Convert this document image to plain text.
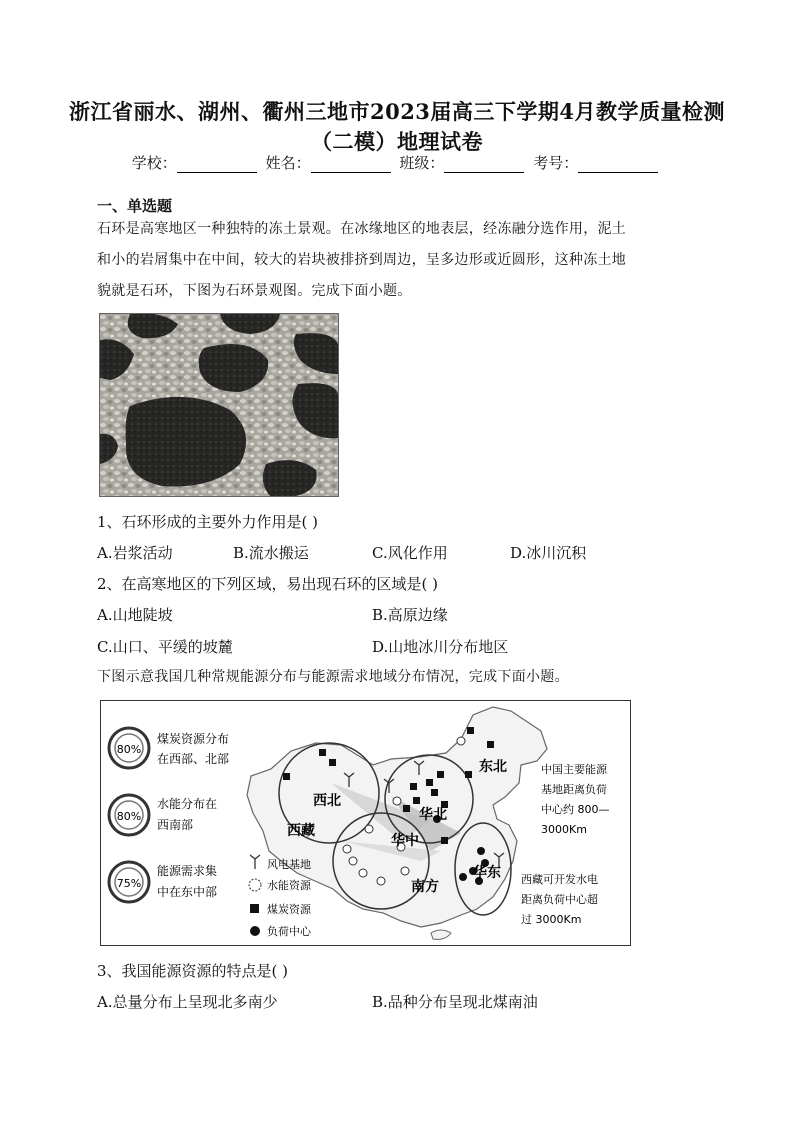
浙江省丽水、湖州、衢州三地市2023届高三下学期4月教学质量检测
（二模）地理试卷
学校：	姓名：	班级：	考号：
一、单选题
石环是高寒地区一种独特的冻土景观。在冰缘地区的地表层，经冻融分选作用，泥土
和小的岩屑集中在中间，较大的岩块被排挤到周边，呈多边形或近圆形，这种冻土地
貌就是石环，下图为石环景观图。完成下面小题。
1、石环形成的主要外力作用是( )
A.岩浆活动	B.流水搬运	C.风化作用	D.冰川沉积
2、在高寒地区的下列区域，易出现石环的区域是( )
A.山地陡坡	B.高原边缘
C.山口、平缓的坡麓	D.山地冰川分布地区
下图示意我国几种常规能源分布与能源需求地域分布情况，完成下面小题。
80%
煤炭资源分布
在西部、北部
80%
水能分布在
西南部
75%
能源需求集
中在东中部
西北
西藏
华北
华中
东北
华东
南方
风电基地
水能资源
煤炭资源
负荷中心
中国主要能源
基地距离负荷
中心约 800—
3000Km
西藏可开发水电
距离负荷中心超
过 3000Km
3、我国能源资源的特点是( )
A.总量分布上呈现北多南少	B.品种分布呈现北煤南油
